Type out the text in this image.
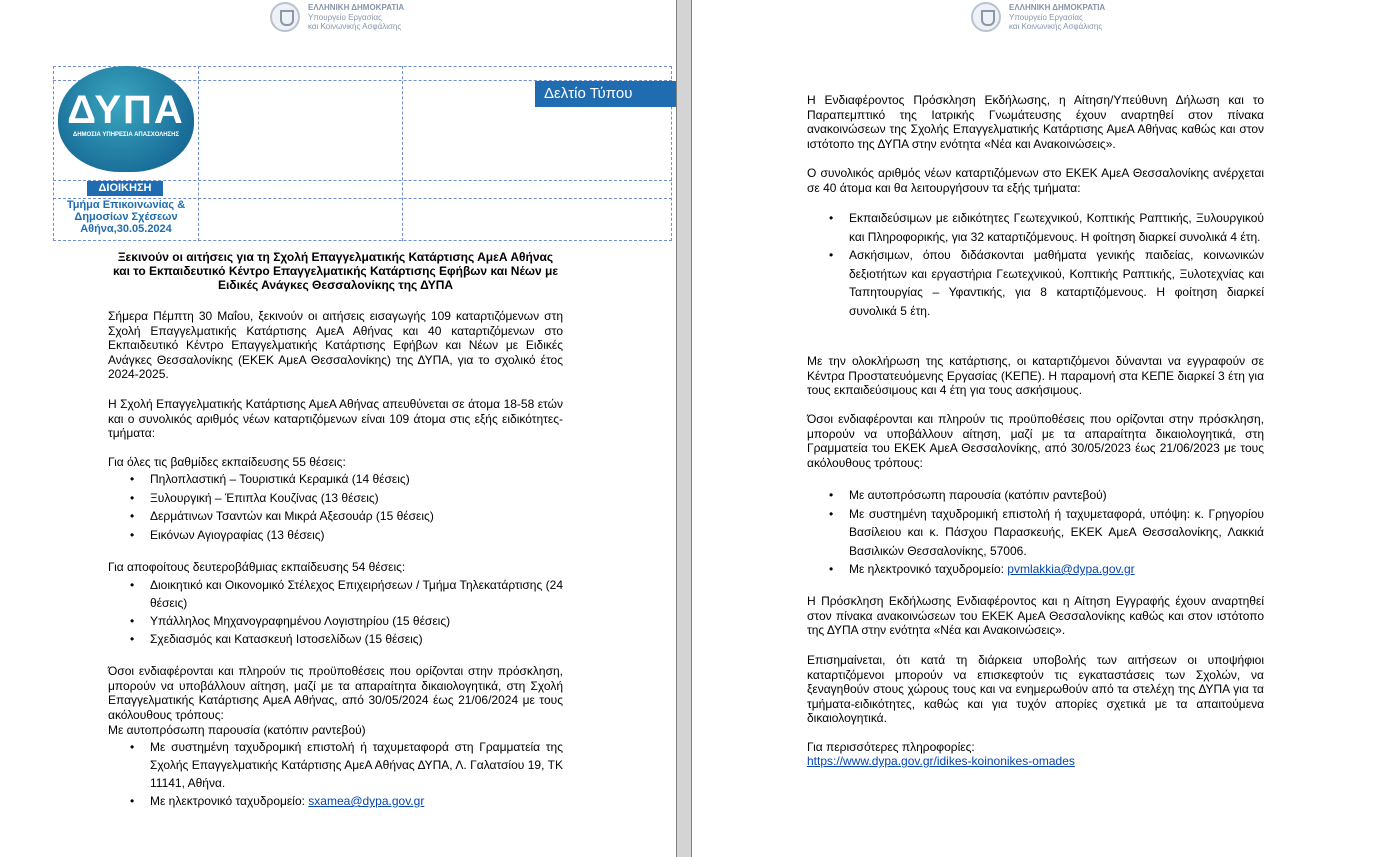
ΕΛΛΗΝΙΚΗ ΔΗΜΟΚΡΑΤΙΑ
Υπουργείο Εργασίας
και Κοινωνικής Ασφάλισης
ΔΥΠΑ
ΔΗΜΟΣΙΑ ΥΠΗΡΕΣΙΑ ΑΠΑΣΧΟΛΗΣΗΣ
Δελτίο Τύπου
ΔΙΟΙΚΗΣΗ
Τμήμα Επικοινωνίας &
Δημοσίων Σχέσεων
Αθήνα,30.05.2024
Ξεκινούν οι αιτήσεις για τη Σχολή Επαγγελματικής Κατάρτισης ΑμεΑ Αθήνας και το Εκπαιδευτικό Κέντρο Επαγγελματικής Κατάρτισης Εφήβων και Νέων με Ειδικές Ανάγκες Θεσσαλονίκης της ΔΥΠΑ
Σήμερα Πέμπτη 30 Μαΐου, ξεκινούν οι αιτήσεις εισαγωγής 109 καταρτιζόμενων στη Σχολή Επαγγελματικής Κατάρτισης ΑμεΑ Αθήνας και 40 καταρτιζόμενων στο Εκπαιδευτικό Κέντρο Επαγγελματικής Κατάρτισης Εφήβων και Νέων με Ειδικές Ανάγκες Θεσσαλονίκης (ΕΚΕΚ ΑμεΑ Θεσσαλονίκης) της ΔΥΠΑ, για το σχολικό έτος 2024-2025.
Η Σχολή Επαγγελματικής Κατάρτισης ΑμεΑ Αθήνας απευθύνεται σε άτομα 18-58 ετών και ο συνολικός αριθμός νέων καταρτιζόμενων είναι 109 άτομα στις εξής ειδικότητες-τμήματα:
Για όλες τις βαθμίδες εκπαίδευσης 55 θέσεις:
• Πηλοπλαστική – Τουριστικά Κεραμικά (14 θέσεις)
• Ξυλουργική – Έπιπλα Κουζίνας (13 θέσεις)
• Δερμάτινων Τσαντών και Μικρά Αξεσουάρ (15 θέσεις)
• Εικόνων Αγιογραφίας (13 θέσεις)
Για αποφοίτους δευτεροβάθμιας εκπαίδευσης 54 θέσεις:
• Διοικητικό και Οικονομικό Στέλεχος Επιχειρήσεων / Τμήμα Τηλεκατάρτισης (24 θέσεις)
• Υπάλληλος Μηχανογραφημένου Λογιστηρίου (15 θέσεις)
• Σχεδιασμός και Κατασκευή Ιστοσελίδων (15 θέσεις)
Όσοι ενδιαφέρονται και πληρούν τις προϋποθέσεις που ορίζονται στην πρόσκληση, μπορούν να υποβάλλουν αίτηση, μαζί με τα απαραίτητα δικαιολογητικά, στη Σχολή Επαγγελματικής Κατάρτισης ΑμεΑ Αθήνας, από 30/05/2024 έως 21/06/2024 με τους ακόλουθους τρόπους:
Με αυτοπρόσωπη παρουσία (κατόπιν ραντεβού)
• Με συστημένη ταχυδρομική επιστολή ή ταχυμεταφορά στη Γραμματεία της Σχολής Επαγγελματικής Κατάρτισης ΑμεΑ Αθήνας ΔΥΠΑ, Λ. Γαλατσίου 19, ΤΚ 11141, Αθήνα.
• Με ηλεκτρονικό ταχυδρομείο: sxamea@dypa.gov.gr
ΕΛΛΗΝΙΚΗ ΔΗΜΟΚΡΑΤΙΑ
Υπουργείο Εργασίας
και Κοινωνικής Ασφάλισης
Η Ενδιαφέροντος Πρόσκληση Εκδήλωσης, η Αίτηση/Υπεύθυνη Δήλωση και το Παραπεμπτικό της Ιατρικής Γνωμάτευσης έχουν αναρτηθεί στον πίνακα ανακοινώσεων της Σχολής Επαγγελματικής Κατάρτισης ΑμεΑ Αθήνας καθώς και στον ιστότοπο της ΔΥΠΑ στην ενότητα «Νέα και Ανακοινώσεις».
Ο συνολικός αριθμός νέων καταρτιζόμενων στο ΕΚΕΚ ΑμεΑ Θεσσαλονίκης ανέρχεται σε 40 άτομα και θα λειτουργήσουν τα εξής τμήματα:
• Εκπαιδεύσιμων με ειδικότητες Γεωτεχνικού, Κοπτικής Ραπτικής, Ξυλουργικού και Πληροφορικής, για 32 καταρτιζόμενους. Η φοίτηση διαρκεί συνολικά 4 έτη.
• Ασκήσιμων, όπου διδάσκονται μαθήματα γενικής παιδείας, κοινωνικών δεξιοτήτων και εργαστήρια Γεωτεχνικού, Κοπτικής Ραπτικής, Ξυλοτεχνίας και Ταπητουργίας – Υφαντικής, για 8 καταρτιζόμενους. Η φοίτηση διαρκεί συνολικά 5 έτη.
Με την ολοκλήρωση της κατάρτισης, οι καταρτιζόμενοι δύνανται να εγγραφούν σε Κέντρα Προστατευόμενης Εργασίας (ΚΕΠΕ). Η παραμονή στα ΚΕΠΕ διαρκεί 3 έτη για τους εκπαιδεύσιμους και 4 έτη για τους ασκήσιμους.
Όσοι ενδιαφέρονται και πληρούν τις προϋποθέσεις που ορίζονται στην πρόσκληση, μπορούν να υποβάλλουν αίτηση, μαζί με τα απαραίτητα δικαιολογητικά, στη Γραμματεία του ΕΚΕΚ ΑμεΑ Θεσσαλονίκης, από 30/05/2023 έως 21/06/2023 με τους ακόλουθους τρόπους:
• Με αυτοπρόσωπη παρουσία (κατόπιν ραντεβού)
• Με συστημένη ταχυδρομική επιστολή ή ταχυμεταφορά, υπόψη: κ. Γρηγορίου Βασίλειου και κ. Πάσχου Παρασκευής, ΕΚΕΚ ΑμεΑ Θεσσαλονίκης, Λακκιά Βασιλικών Θεσσαλονίκης, 57006.
• Με ηλεκτρονικό ταχυδρομείο: pvmlakkia@dypa.gov.gr
Η Πρόσκληση Εκδήλωσης Ενδιαφέροντος και η Αίτηση Εγγραφής έχουν αναρτηθεί στον πίνακα ανακοινώσεων του ΕΚΕΚ ΑμεΑ Θεσσαλονίκης καθώς και στον ιστότοπο της ΔΥΠΑ στην ενότητα «Νέα και Ανακοινώσεις».
Επισημαίνεται, ότι κατά τη διάρκεια υποβολής των αιτήσεων οι υποψήφιοι καταρτιζόμενοι μπορούν να επισκεφτούν τις εγκαταστάσεις των Σχολών, να ξεναγηθούν στους χώρους τους και να ενημερωθούν από τα στελέχη της ΔΥΠΑ για τα τμήματα-ειδικότητες, καθώς και για τυχόν απορίες σχετικά με τα απαιτούμενα δικαιολογητικά.
Για περισσότερες πληροφορίες:
https://www.dypa.gov.gr/idikes-koinonikes-omades
